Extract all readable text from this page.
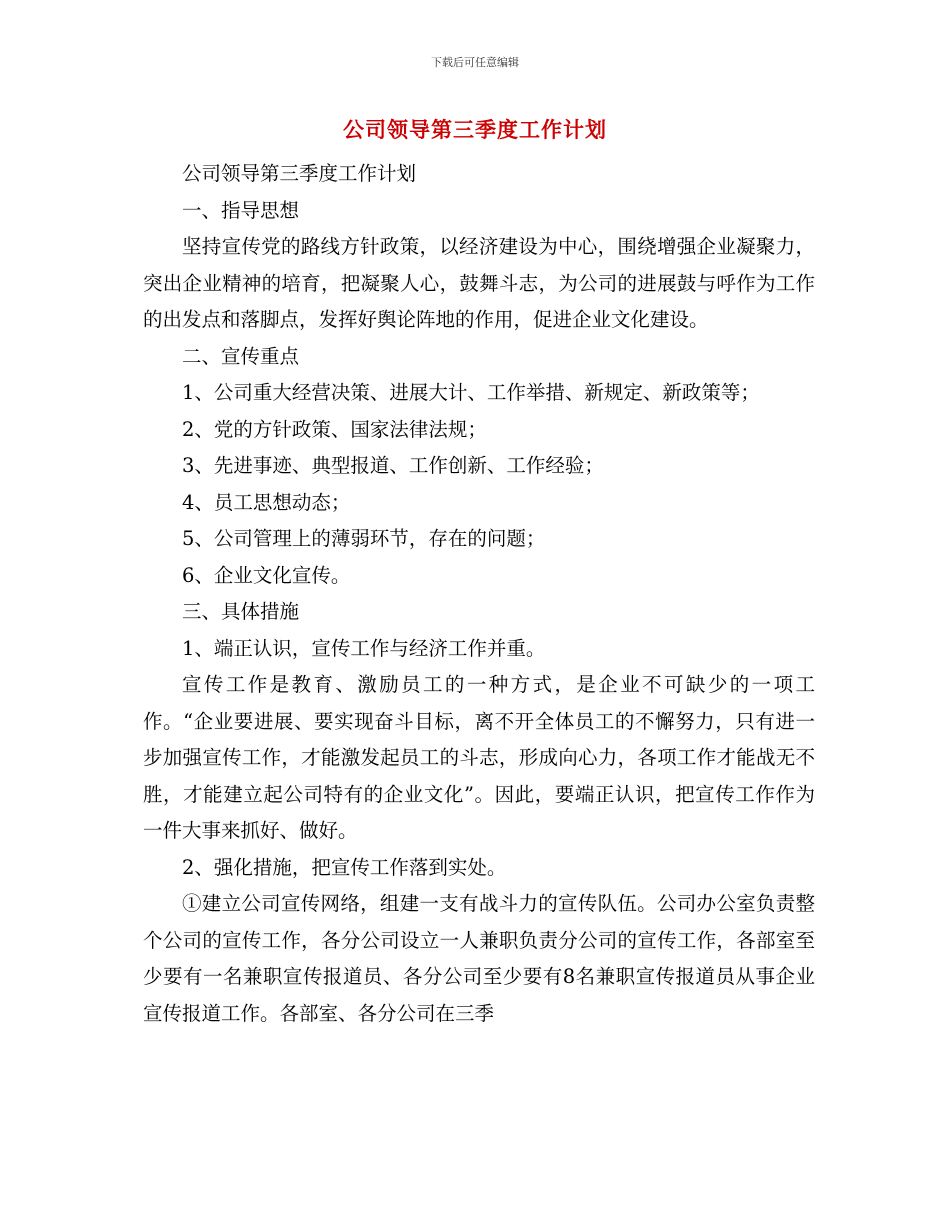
下载后可任意编辑
公司领导第三季度工作计划

公司领导第三季度工作计划

一、指导思想

坚持宣传党的路线方针政策，以经济建设为中心，围绕增强企业凝聚力，突出企业精神的培育，把凝聚人心，鼓舞斗志，为公司的进展鼓与呼作为工作的出发点和落脚点，发挥好舆论阵地的作用，促进企业文化建设。

二、宣传重点

1、公司重大经营决策、进展大计、工作举措、新规定、新政策等；

2、党的方针政策、国家法律法规；

3、先进事迹、典型报道、工作创新、工作经验；

4、员工思想动态；

5、公司管理上的薄弱环节，存在的问题；

6、企业文化宣传。

三、具体措施

1、端正认识，宣传工作与经济工作并重。

宣传工作是教育、激励员工的一种方式，是企业不可缺少的一项工作。“企业要进展、要实现奋斗目标，离不开全体员工的不懈努力，只有进一步加强宣传工作，才能激发起员工的斗志，形成向心力，各项工作才能战无不胜，才能建立起公司特有的企业文化”。因此，要端正认识，把宣传工作作为一件大事来抓好、做好。

2、强化措施，把宣传工作落到实处。

①建立公司宣传网络，组建一支有战斗力的宣传队伍。公司办公室负责整个公司的宣传工作，各分公司设立一人兼职负责分公司的宣传工作，各部室至少要有一名兼职宣传报道员、各分公司至少要有8名兼职宣传报道员从事企业宣传报道工作。各部室、各分公司在三季
